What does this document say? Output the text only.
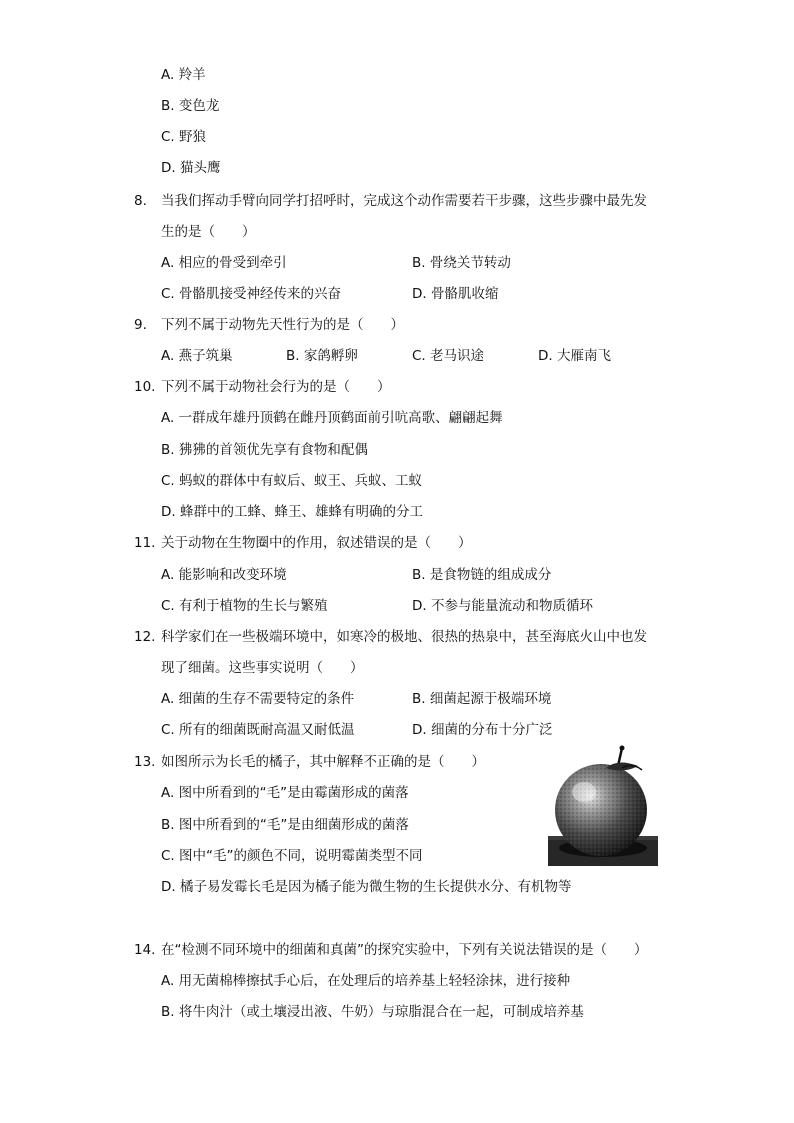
A. 羚羊
B. 变色龙
C. 野狼
D. 猫头鹰
8. 当我们挥动手臂向同学打招呼时，完成这个动作需要若干步骤，这些步骤中最先发
生的是（　　）
A. 相应的骨受到牵引	B. 骨绕关节转动
C. 骨骼肌接受神经传来的兴奋	D. 骨骼肌收缩
9. 下列不属于动物先天性行为的是（　　）
A. 燕子筑巢	B. 家鸽孵卵	C. 老马识途	D. 大雁南飞
10. 下列不属于动物社会行为的是（　　）
A. 一群成年雄丹顶鹤在雌丹顶鹤面前引吭高歌、翩翩起舞
B. 狒狒的首领优先享有食物和配偶
C. 蚂蚁的群体中有蚁后、蚁王、兵蚁、工蚁
D. 蜂群中的工蜂、蜂王、雄蜂有明确的分工
11. 关于动物在生物圈中的作用，叙述错误的是（　　）
A. 能影响和改变环境	B. 是食物链的组成成分
C. 有利于植物的生长与繁殖	D. 不参与能量流动和物质循环
12. 科学家们在一些极端环境中，如寒冷的极地、很热的热泉中，甚至海底火山中也发
现了细菌。这些事实说明（　　）
A. 细菌的生存不需要特定的条件	B. 细菌起源于极端环境
C. 所有的细菌既耐高温又耐低温	D. 细菌的分布十分广泛
13. 如图所示为长毛的橘子，其中解释不正确的是（　　）
A. 图中所看到的“毛”是由霉菌形成的菌落
B. 图中所看到的“毛”是由细菌形成的菌落
C. 图中“毛”的颜色不同，说明霉菌类型不同
D. 橘子易发霉长毛是因为橘子能为微生物的生长提供水分、有机物等
14. 在“检测不同环境中的细菌和真菌”的探究实验中，下列有关说法错误的是（　　）
A. 用无菌棉棒擦拭手心后，在处理后的培养基上轻轻涂抹，进行接种
B. 将牛肉汁（或土壤浸出液、牛奶）与琼脂混合在一起，可制成培养基
